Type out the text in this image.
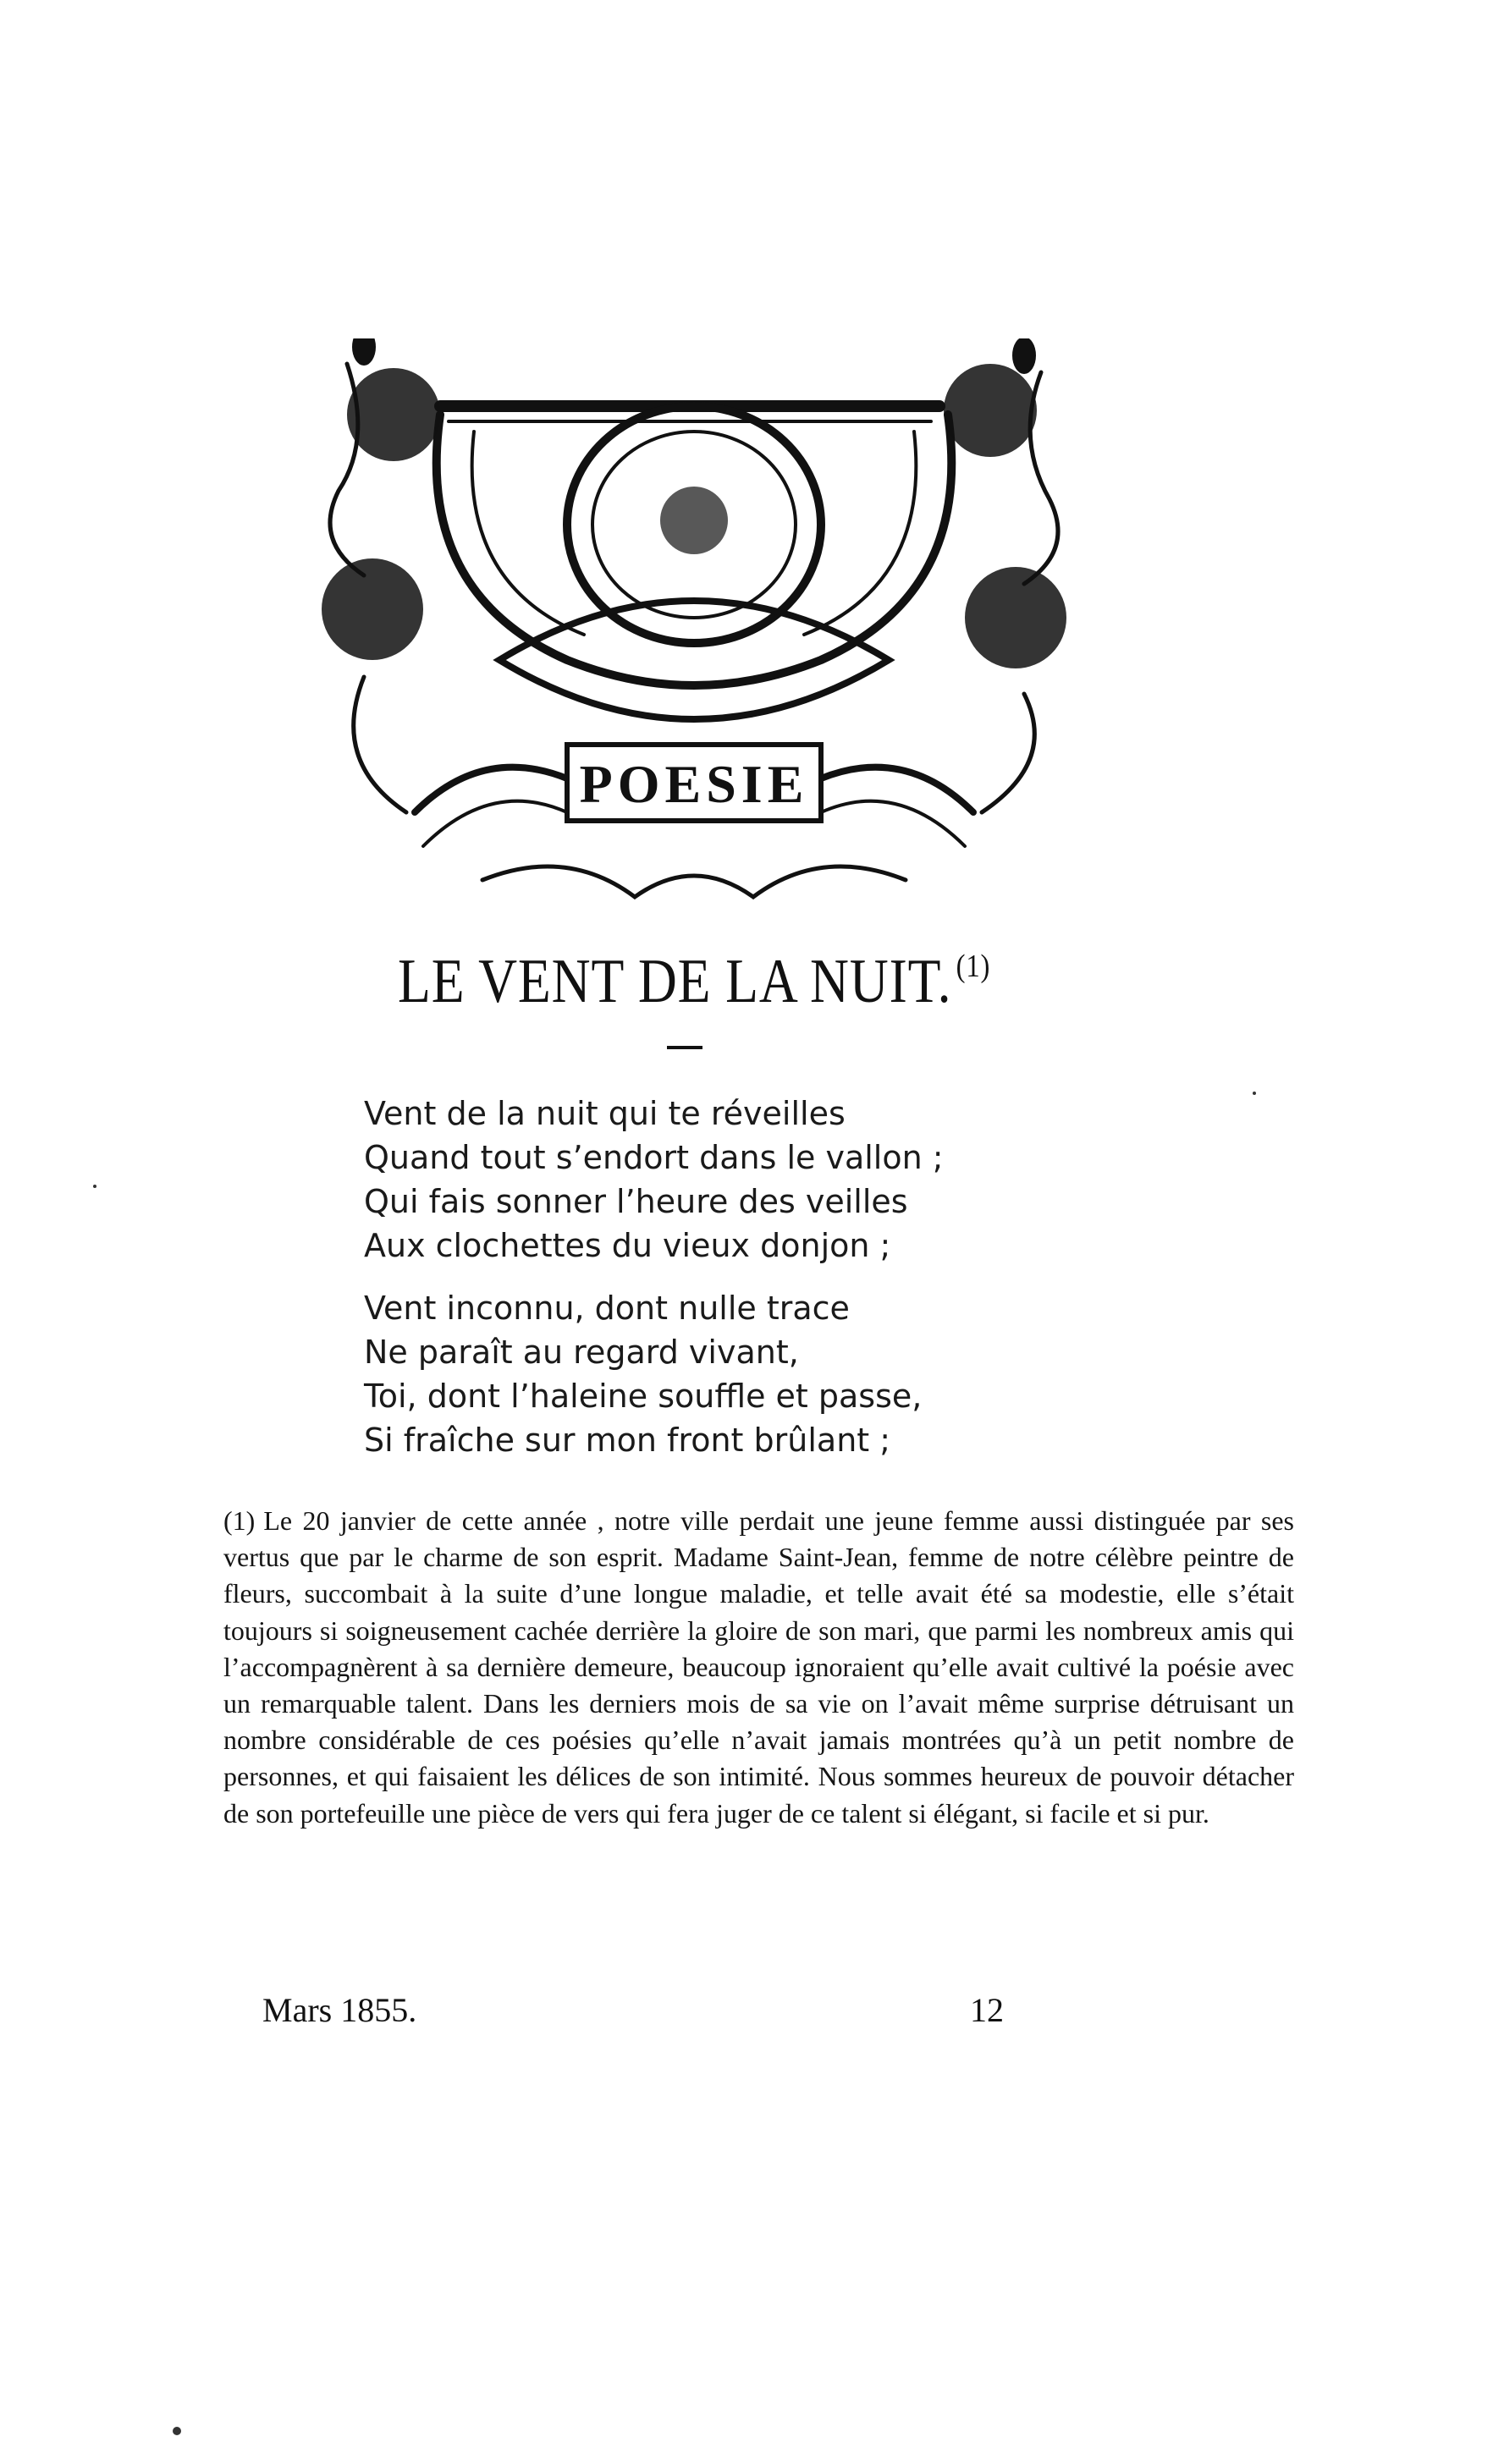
POESIE
LE VENT DE LA NUIT. $^{(1)}$
Vent de la nuit qui te réveilles
Quand tout s’endort dans le vallon ;
Qui fais sonner l’heure des veilles
Aux clochettes du vieux donjon ;
Vent inconnu, dont nulle trace
Ne paraît au regard vivant,
Toi, dont l’haleine souffle et passe,
Si fraîche sur mon front brûlant ;
(1) Le 20 janvier de cette année , notre ville perdait une jeune femme aussi distinguée par ses vertus que par le charme de son esprit. Madame Saint-Jean, femme de notre célèbre peintre de fleurs, succombait à la suite d’une longue maladie, et telle avait été sa modestie, elle s’était toujours si soigneusement cachée derrière la gloire de son mari, que parmi les nombreux amis qui l’accompagnèrent à sa dernière demeure, beaucoup ignoraient qu’elle avait cultivé la poésie avec un remarquable talent. Dans les derniers mois de sa vie on l’avait même surprise détruisant un nombre considérable de ces poésies qu’elle n’avait jamais montrées qu’à un petit nombre de personnes, et qui faisaient les délices de son intimité. Nous sommes heureux de pouvoir détacher de son portefeuille une pièce de vers qui fera juger de ce talent si élégant, si facile et si pur.
Mars 1855.	12
